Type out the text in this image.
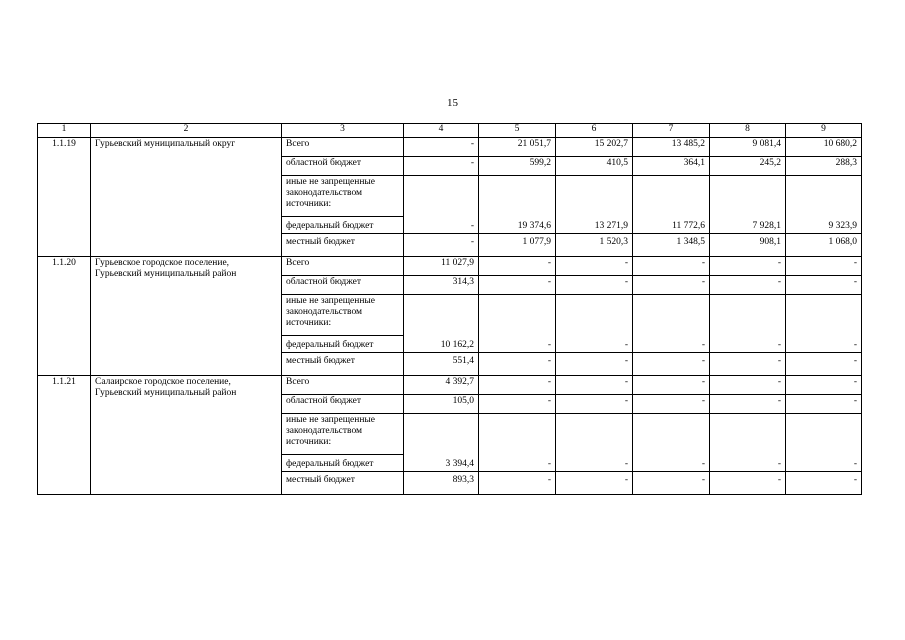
15
1	2	3	4	5	6	7	8	9
1.1.19	Гурьевский муниципальный округ	Всего	-	21 051,7	15 202,7	13 485,2	9 081,4	10 680,2
		областной бюджет	-	599,2	410,5	364,1	245,2	288,3
		иные не запрещенные законодательством источники:						
		федеральный бюджет	-	19 374,6	13 271,9	11 772,6	7 928,1	9 323,9
		местный бюджет	-	1 077,9	1 520,3	1 348,5	908,1	1 068,0
1.1.20	Гурьевское городское поселение, Гурьевский муниципальный район	Всего	11 027,9	-	-	-	-	-
		областной бюджет	314,3	-	-	-	-	-
		иные не запрещенные законодательством источники:						
		федеральный бюджет	10 162,2	-	-	-	-	-
		местный бюджет	551,4	-	-	-	-	-
1.1.21	Салаирское городское поселение, Гурьевский муниципальный район	Всего	4 392,7	-	-	-	-	-
		областной бюджет	105,0	-	-	-	-	-
		иные не запрещенные законодательством источники:						
		федеральный бюджет	3 394,4	-	-	-	-	-
		местный бюджет	893,3	-	-	-	-	-
